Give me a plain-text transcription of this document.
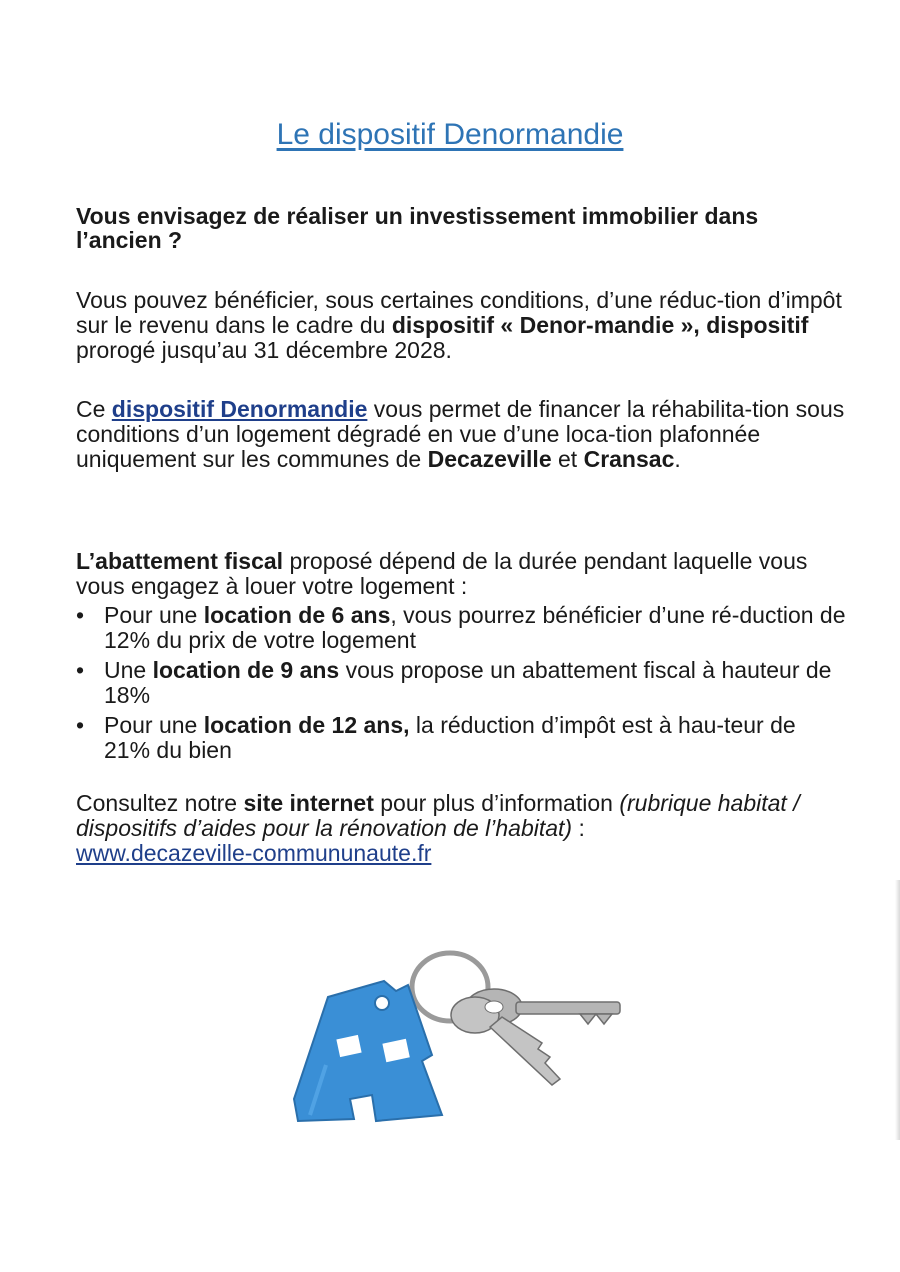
Le dispositif Denormandie
Vous envisagez de réaliser un investissement immobilier dans l’ancien ?
Vous pouvez bénéficier, sous certaines conditions, d’une réduc-tion d’impôt sur le revenu dans le cadre du dispositif « Denor-mandie », dispositif prorogé jusqu’au 31 décembre 2028.
Ce dispositif Denormandie vous permet de financer la réhabilita-tion sous conditions d’un logement dégradé en vue d’une loca-tion plafonnée uniquement sur les communes de Decazeville et Cransac.
L’abattement fiscal proposé dépend de la durée pendant laquelle vous vous engagez à louer votre logement :
• Pour une location de 6 ans, vous pourrez bénéficier d’une ré-duction de 12% du prix de votre logement
• Une location de 9 ans vous propose un abattement fiscal à hauteur de 18%
• Pour une location de 12 ans, la réduction d’impôt est à hau-teur de 21% du bien
Consultez notre site internet pour plus d’information (rubrique habitat / dispositifs d’aides pour la rénovation de l’habitat) :
www.decazeville-commununaute.fr
